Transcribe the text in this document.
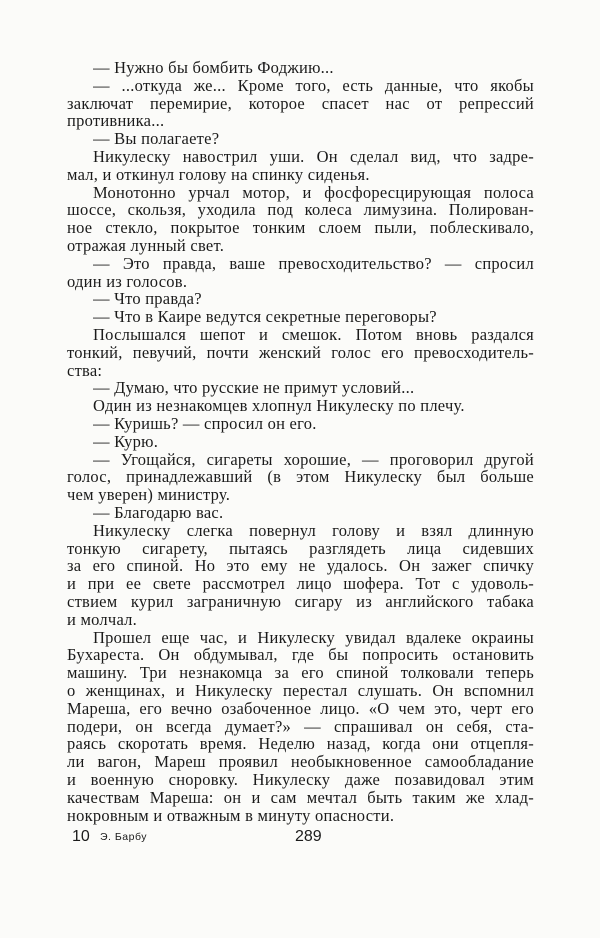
— Нужно бы бомбить Фоджию...
— ...откуда же... Кроме того, есть данные, что якобы
заключат перемирие, которое спасет нас от репрессий
противника...
— Вы полагаете?
Никулеску навострил уши. Он сделал вид, что задре-
мал, и откинул голову на спинку сиденья.
Монотонно урчал мотор, и фосфоресцирующая полоса
шоссе, скользя, уходила под колеса лимузина. Полирован-
ное стекло, покрытое тонким слоем пыли, поблескивало,
отражая лунный свет.
— Это правда, ваше превосходительство? — спросил
один из голосов.
— Что правда?
— Что в Каире ведутся секретные переговоры?
Послышался шепот и смешок. Потом вновь раздался
тонкий, певучий, почти женский голос его превосходитель-
ства:
— Думаю, что русские не примут условий...
Один из незнакомцев хлопнул Никулеску по плечу.
— Куришь? — спросил он его.
— Курю.
— Угощайся, сигареты хорошие, — проговорил другой
голос, принадлежавший (в этом Никулеску был больше
чем уверен) министру.
— Благодарю вас.
Никулеску слегка повернул голову и взял длинную
тонкую сигарету, пытаясь разглядеть лица сидевших
за его спиной. Но это ему не удалось. Он зажег спичку
и при ее свете рассмотрел лицо шофера. Тот с удоволь-
ствием курил заграничную сигару из английского табака
и молчал.
Прошел еще час, и Никулеску увидал вдалеке окраины
Бухареста. Он обдумывал, где бы попросить остановить
машину. Три незнакомца за его спиной толковали теперь
о женщинах, и Никулеску перестал слушать. Он вспомнил
Мареша, его вечно озабоченное лицо. «О чем это, черт его
подери, он всегда думает?» — спрашивал он себя, ста-
раясь скоротать время. Неделю назад, когда они отцепля-
ли вагон, Мареш проявил необыкновенное самообладание
и военную сноровку. Никулеску даже позавидовал этим
качествам Мареша: он и сам мечтал быть таким же хлад-
нокровным и отважным в минуту опасности.
10 Э. Барбу	289
